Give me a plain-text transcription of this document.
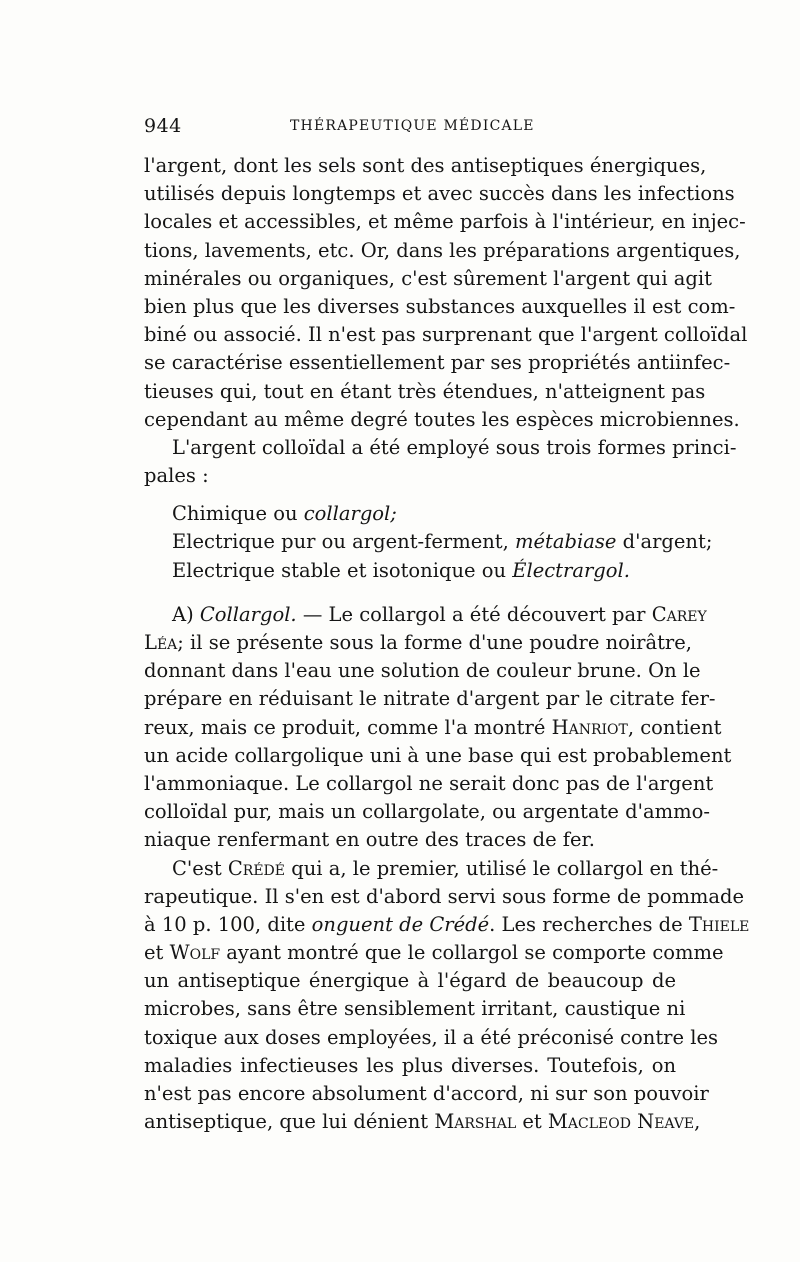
944	THÉRAPEUTIQUE MÉDICALE
l'argent, dont les sels sont des antiseptiques énergiques,
utilisés depuis longtemps et avec succès dans les infections
locales et accessibles, et même parfois à l'intérieur, en injec-
tions, lavements, etc. Or, dans les préparations argentiques,
minérales ou organiques, c'est sûrement l'argent qui agit
bien plus que les diverses substances auxquelles il est com-
biné ou associé. Il n'est pas surprenant que l'argent colloïdal
se caractérise essentiellement par ses propriétés antiinfec-
tieuses qui, tout en étant très étendues, n'atteignent pas
cependant au même degré toutes les espèces microbiennes.
L'argent colloïdal a été employé sous trois formes princi-
pales :
Chimique ou collargol;
Electrique pur ou argent-ferment, métabiase d'argent;
Electrique stable et isotonique ou Électrargol.
A) Collargol. — Le collargol a été découvert par Carey
Léa; il se présente sous la forme d'une poudre noirâtre,
donnant dans l'eau une solution de couleur brune. On le
prépare en réduisant le nitrate d'argent par le citrate fer-
reux, mais ce produit, comme l'a montré Hanriot, contient
un acide collargolique uni à une base qui est probablement
l'ammoniaque. Le collargol ne serait donc pas de l'argent
colloïdal pur, mais un collargolate, ou argentate d'ammo-
niaque renfermant en outre des traces de fer.
C'est Crédé qui a, le premier, utilisé le collargol en thé-
rapeutique. Il s'en est d'abord servi sous forme de pommade
à 10 p. 100, dite onguent de Crédé. Les recherches de Thiele
et Wolf ayant montré que le collargol se comporte comme
un antiseptique énergique à l'égard de beaucoup de
microbes, sans être sensiblement irritant, caustique ni
toxique aux doses employées, il a été préconisé contre les
maladies infectieuses les plus diverses. Toutefois, on
n'est pas encore absolument d'accord, ni sur son pouvoir
antiseptique, que lui dénient Marshal et Macleod Neave,
